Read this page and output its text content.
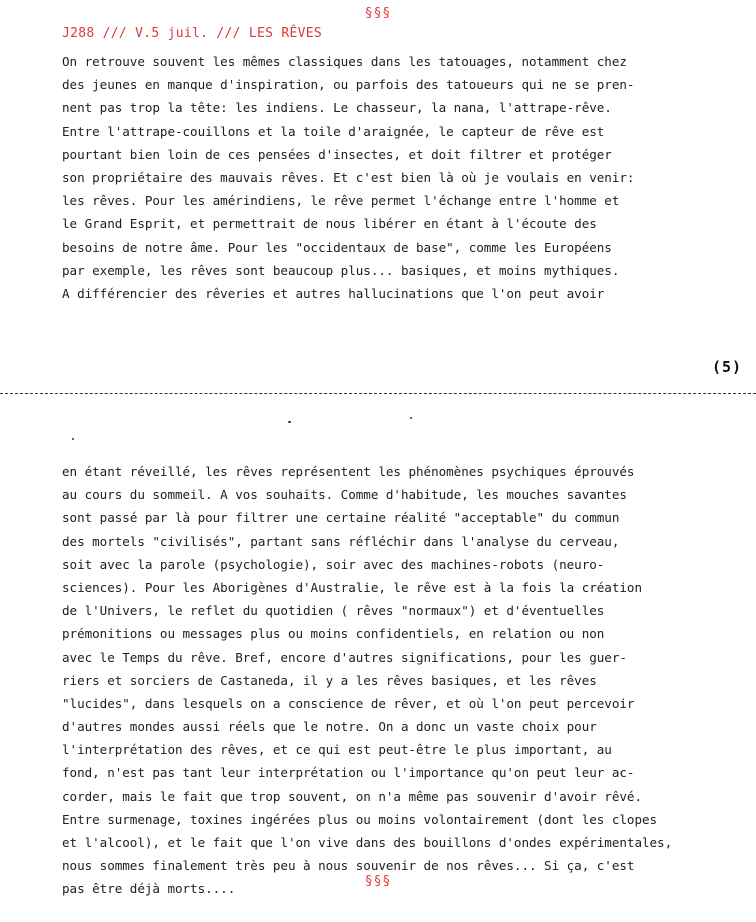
§§§
J288 /// V.5 juil. /// LES RÊVES
On retrouve souvent les mêmes classiques dans les tatouages, notamment chez
des jeunes en manque d'inspiration, ou parfois des tatoueurs qui ne se pren-
nent pas trop la tête: les indiens. Le chasseur, la nana, l'attrape-rêve.
Entre l'attrape-couillons et la toile d'araignée, le capteur de rêve est
pourtant bien loin de ces pensées d'insectes, et doit filtrer et protéger
son propriétaire des mauvais rêves. Et c'est bien là où je voulais en venir:
les rêves. Pour les amérindiens, le rêve permet l'échange entre l'homme et
le Grand Esprit, et permettrait de nous libérer en étant à l'écoute des
besoins de notre âme. Pour les "occidentaux de base", comme les Européens
par exemple, les rêves sont beaucoup plus... basiques, et moins mythiques.
A différencier des rêveries et autres hallucinations que l'on peut avoir
(5)
en étant réveillé, les rêves représentent les phénomènes psychiques éprouvés
au cours du sommeil. A vos souhaits. Comme d'habitude, les mouches savantes
sont passé par là pour filtrer une certaine réalité "acceptable" du commun
des mortels "civilisés", partant sans réfléchir dans l'analyse du cerveau,
soit avec la parole (psychologie), soir avec des machines-robots (neuro-
sciences). Pour les Aborigènes d'Australie, le rêve est à la fois la création
de l'Univers, le reflet du quotidien ( rêves "normaux") et d'éventuelles
prémonitions ou messages plus ou moins confidentiels, en relation ou non
avec le Temps du rêve. Bref, encore d'autres significations, pour les guer-
riers et sorciers de Castaneda, il y a les rêves basiques, et les rêves
"lucides", dans lesquels on a conscience de rêver, et où l'on peut percevoir
d'autres mondes aussi réels que le notre. On a donc un vaste choix pour
l'interprétation des rêves, et ce qui est peut-être le plus important, au
fond, n'est pas tant leur interprétation ou l'importance qu'on peut leur ac-
corder, mais le fait que trop souvent, on n'a même pas souvenir d'avoir rêvé.
Entre surmenage, toxines ingérées plus ou moins volontairement (dont les clopes
et l'alcool), et le fait que l'on vive dans des bouillons d'ondes expérimentales,
nous sommes finalement très peu à nous souvenir de nos rêves... Si ça, c'est
pas être déjà morts....	§§§
